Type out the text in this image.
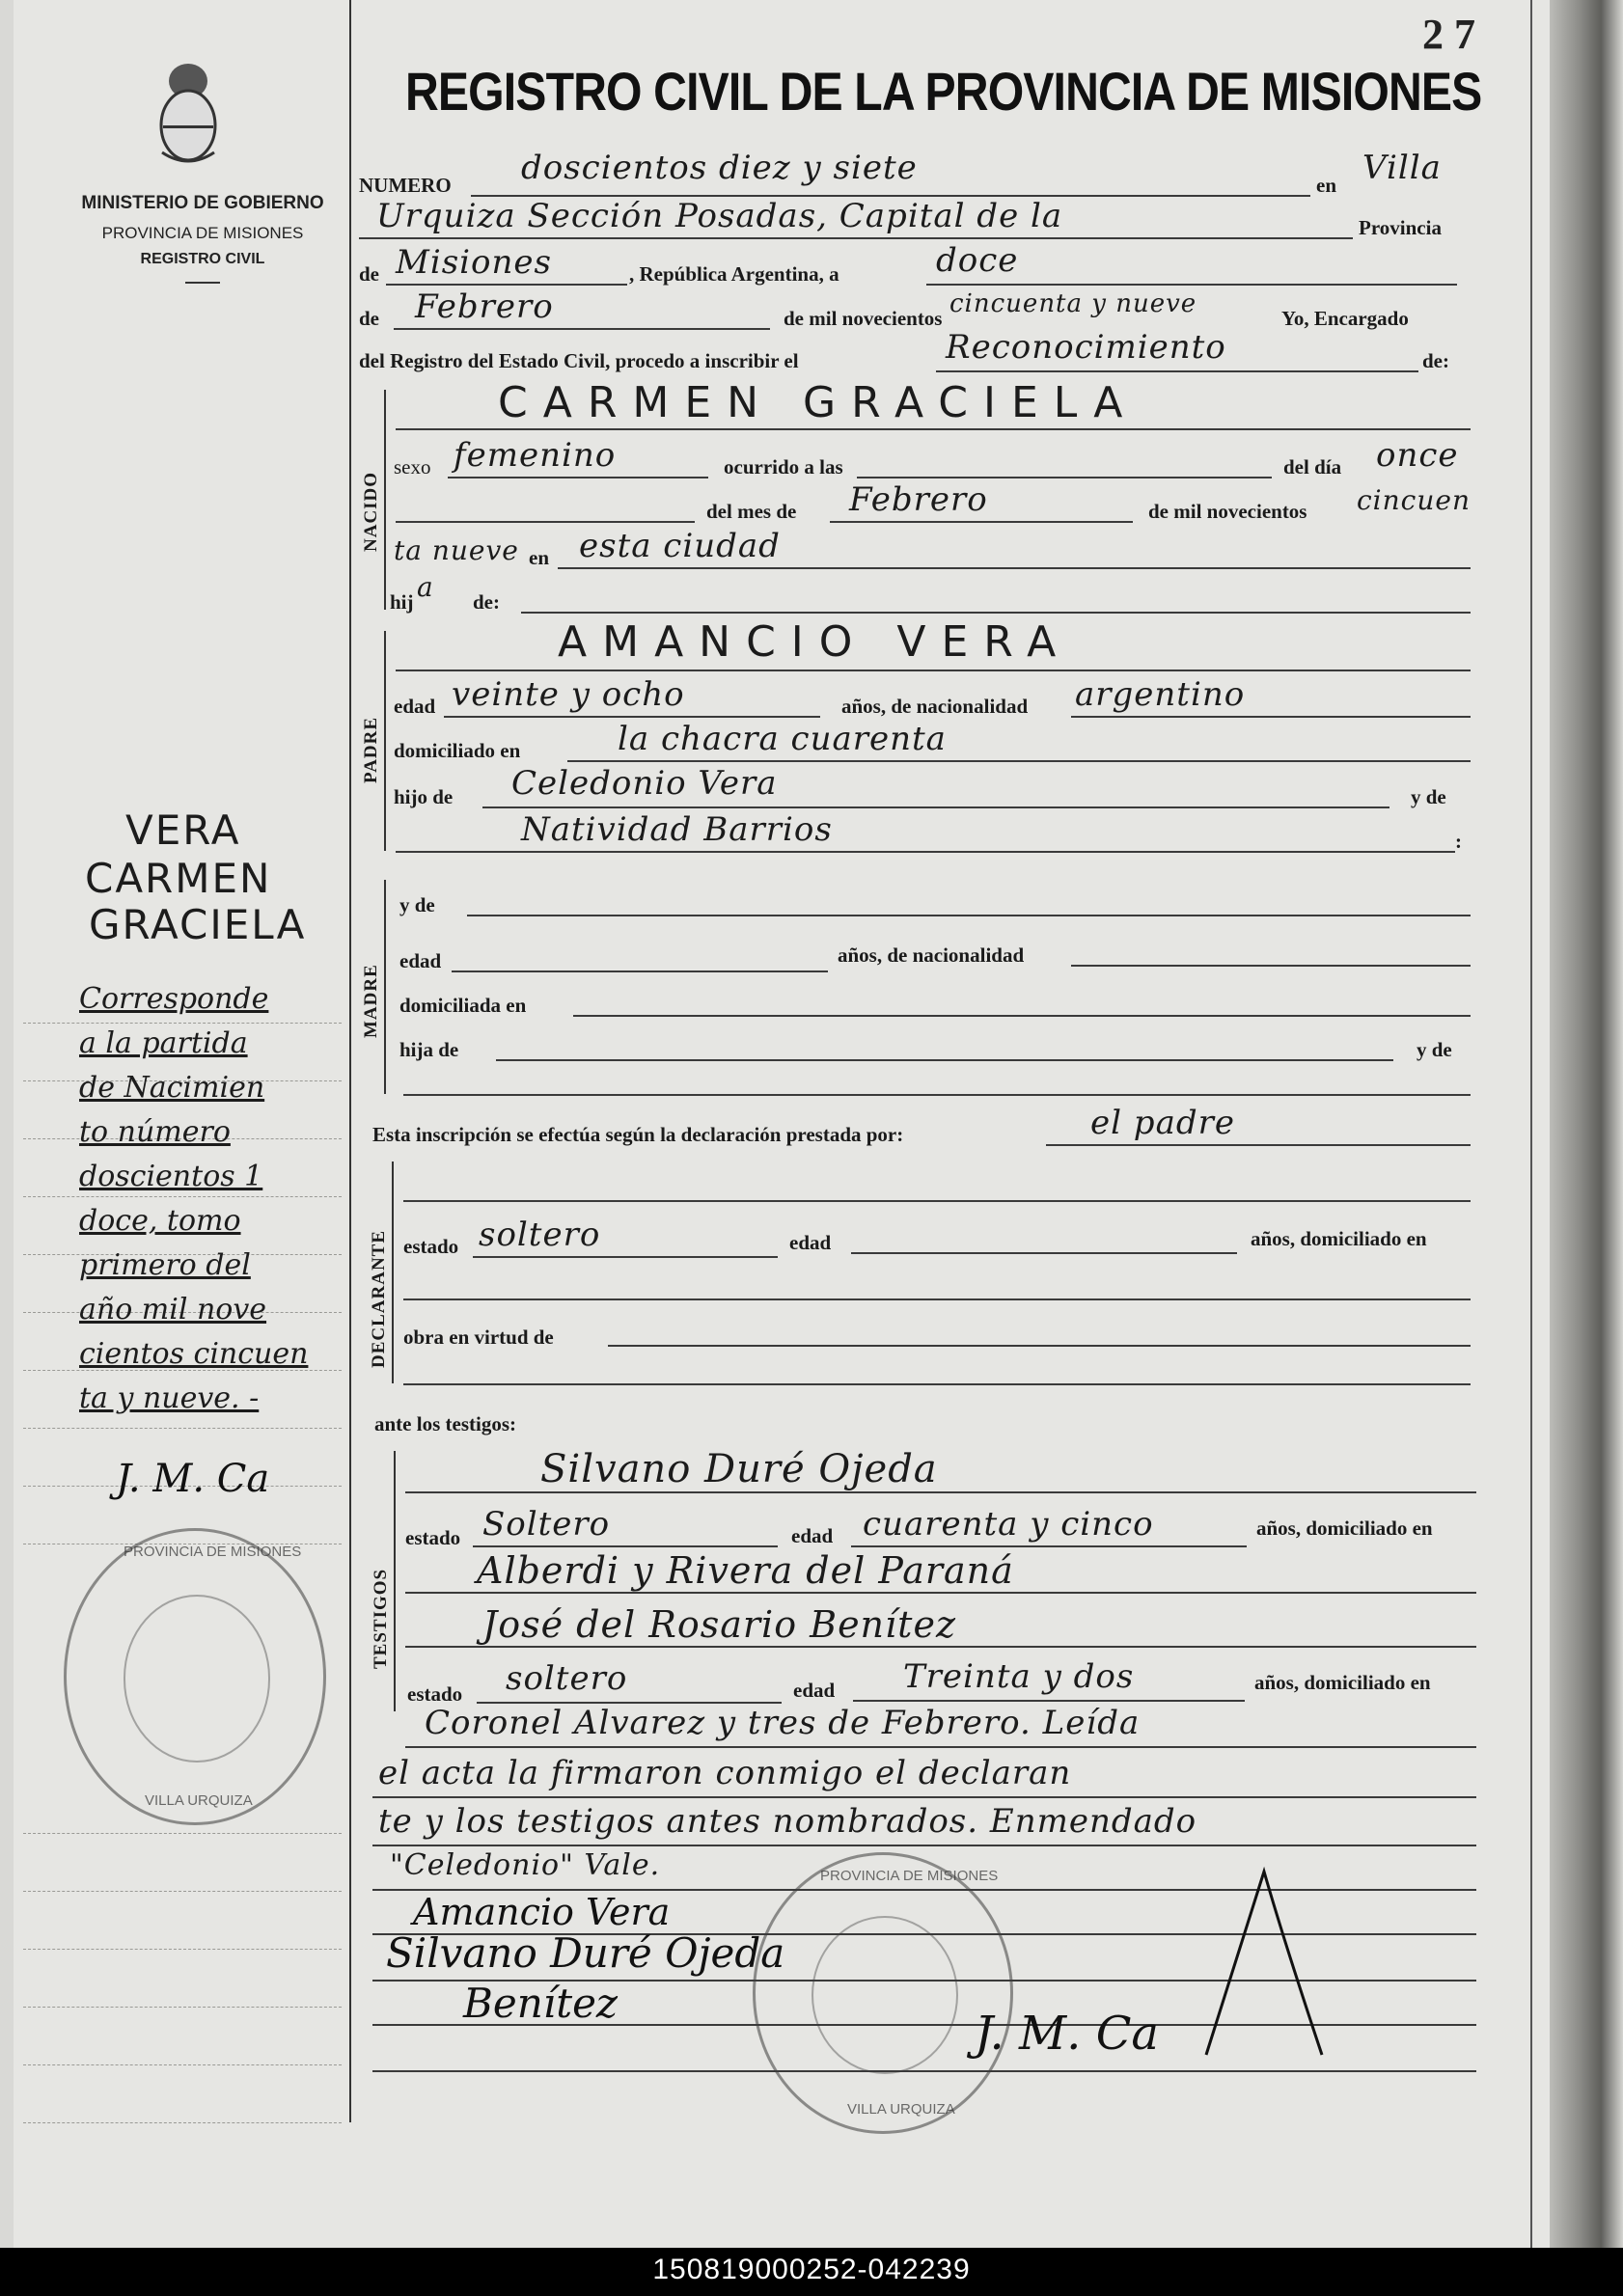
2 7
REGISTRO CIVIL DE LA PROVINCIA DE MISIONES
MINISTERIO DE GOBIERNO
PROVINCIA DE MISIONES
REGISTRO CIVIL
NUMERO doscientos diez y siete	en Villa
Urquiza Sección Posadas, Capital de la	Provincia
de Misiones	, República Argentina, a	doce
de Febrero	de mil novecientos cincuenta y nueve	Yo, Encargado
del Registro del Estado Civil, procedo a inscribir el	Reconocimiento	de:
NACIDO
CARMEN GRACIELA
sexo femenino	ocurrido a las	del día once
del mes de Febrero	de mil novecientos cincuen
ta nueve en esta ciudad
hij a de:
PADRE
AMANCIO VERA
edad veinte y ocho	años, de nacionalidad argentino
domiciliado en	la chacra cuarenta
hijo de Celedonio Vera	y de
Natividad Barrios	:
MADRE
y de
edad	años, de nacionalidad
domiciliada en
hija de	y de
Esta inscripción se efectúa según la declaración prestada por:	el padre
DECLARANTE estado soltero	edad	años, domiciliado en
obra en virtud de
ante los testigos:
TESTIGOS
Silvano Duré Ojeda
estado Soltero	edad cuarenta y cinco	años, domiciliado en
Alberdi y Rivera del Paraná
José del Rosario Benítez
estado soltero	edad Treinta y dos	años, domiciliado en
Coronel Alvarez y tres de Febrero. Leída
el acta la firmaron conmigo el declaran
te y los testigos antes nombrados. Enmendado
"Celedonio" Vale.
Amancio Vera
Silvano Duré Ojeda
Benítez
J. M. Ca
PROVINCIA DE MISIONES
VILLA URQUIZA
VERA
CARMEN
GRACIELA
Corresponde
a la partida
de Nacimien
to número
doscientos 1
doce, tomo
primero del
año mil nove
cientos cincuen
ta y nueve. -
J. M. Ca
PROVINCIA DE MISIONES
VILLA URQUIZA
150819000252-042239
